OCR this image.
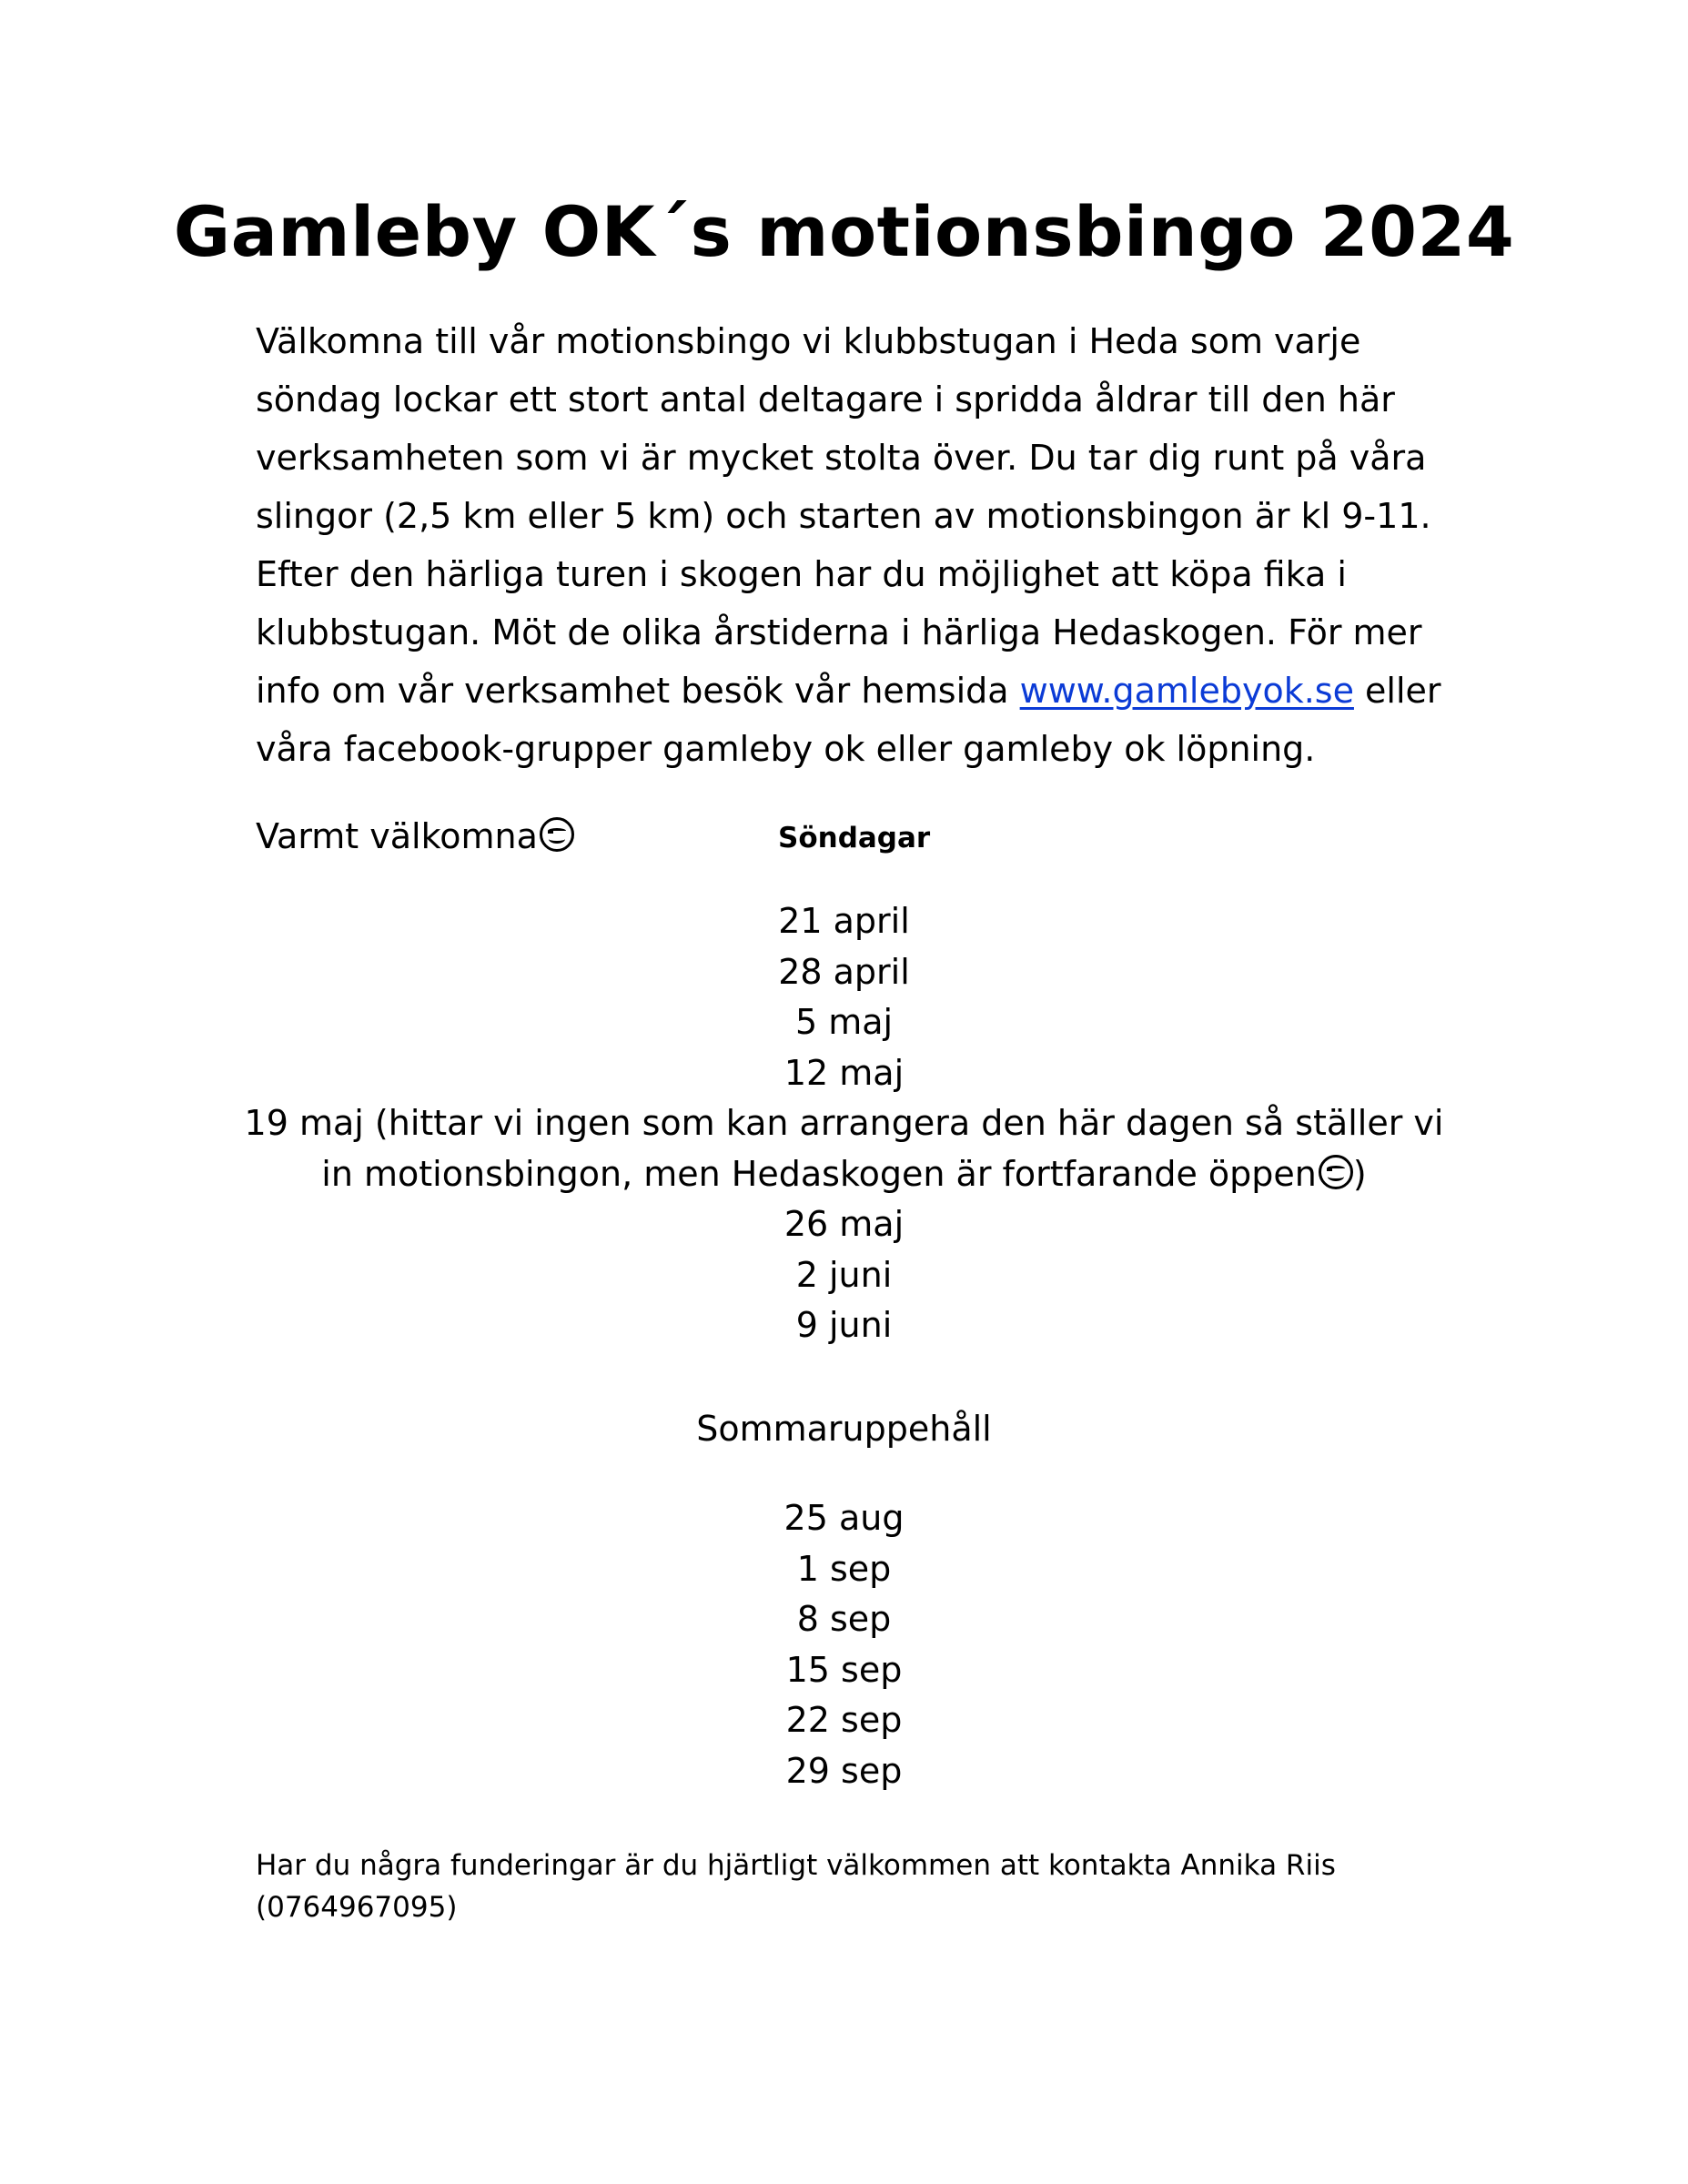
Gamleby OK´s motionsbingo 2024

Välkomna till vår motionsbingo vi klubbstugan i Heda som varje
söndag lockar ett stort antal deltagare i spridda åldrar till den här
verksamheten som vi är mycket stolta över. Du tar dig runt på våra
slingor (2,5 km eller 5 km) och starten av motionsbingon är kl 9-11.
Efter den härliga turen i skogen har du möjlighet att köpa fika i
klubbstugan. Möt de olika årstiderna i härliga Hedaskogen. För mer
info om vår verksamhet besök vår hemsida www.gamlebyok.se eller
våra facebook-grupper gamleby ok eller gamleby ok löpning.

Varmt välkomna	Söndagar

21 april
28 april
5 maj
12 maj
19 maj (hittar vi ingen som kan arrangera den här dagen så ställer vi
in motionsbingon, men Hedaskogen är fortfarande öppen )
26 maj
2 juni
9 juni

Sommaruppehåll

25 aug
1 sep
8 sep
15 sep
22 sep
29 sep

Har du några funderingar är du hjärtligt välkommen att kontakta Annika Riis
(0764967095)
